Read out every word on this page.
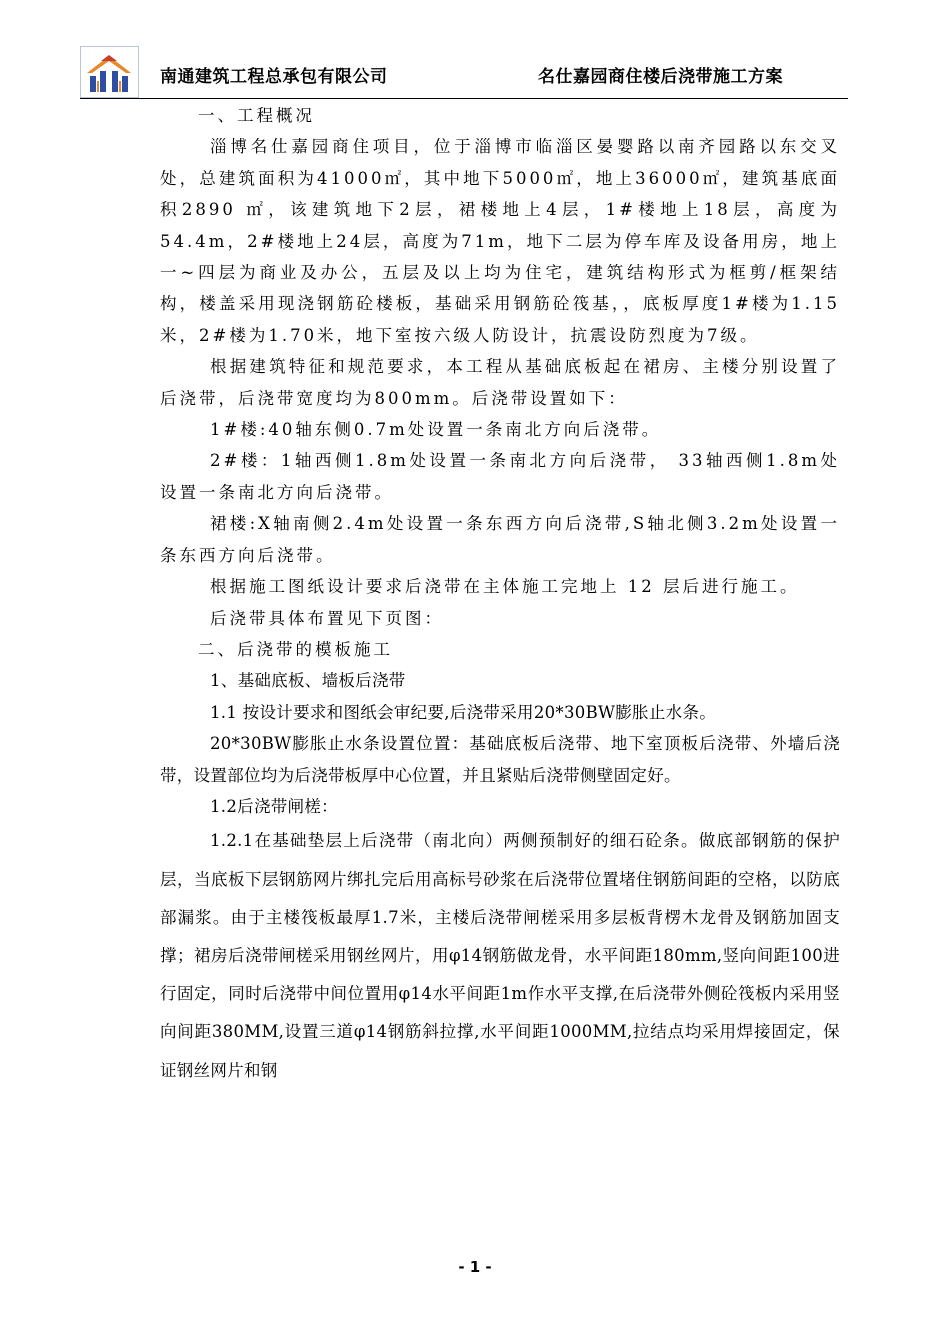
南通建筑工程总承包有限公司	名仕嘉园商住楼后浇带施工方案

一、工程概况

淄博名仕嘉园商住项目，位于淄博市临淄区晏婴路以南齐园路以东交叉处，总建筑面积为41000㎡，其中地下5000㎡，地上36000㎡，建筑基底面积2890 ㎡，该建筑地下2层，裙楼地上4层，1#楼地上18层，高度为54.4m，2#楼地上24层，高度为71m，地下二层为停车库及设备用房，地上一~四层为商业及办公，五层及以上均为住宅，建筑结构形式为框剪/框架结构，楼盖采用现浇钢筋砼楼板，基础采用钢筋砼筏基，，底板厚度1#楼为1.15米，2#楼为1.70米，地下室按六级人防设计，抗震设防烈度为7级。

根据建筑特征和规范要求，本工程从基础底板起在裙房、主楼分别设置了后浇带，后浇带宽度均为800mm。后浇带设置如下：

1#楼:40轴东侧0.7m处设置一条南北方向后浇带。

2#楼：1轴西侧1.8m处设置一条南北方向后浇带， 33轴西侧1.8m处设置一条南北方向后浇带。

裙楼:X轴南侧2.4m处设置一条东西方向后浇带,S轴北侧3.2m处设置一条东西方向后浇带。

根据施工图纸设计要求后浇带在主体施工完地上 12 层后进行施工。

后浇带具体布置见下页图：

二、后浇带的模板施工

1、基础底板、墙板后浇带

1.1 按设计要求和图纸会审纪要,后浇带采用20*30BW膨胀止水条。

20*30BW膨胀止水条设置位置：基础底板后浇带、地下室顶板后浇带、外墙后浇带，设置部位均为后浇带板厚中心位置，并且紧贴后浇带侧壁固定好。

1.2后浇带闸槎：

1.2.1在基础垫层上后浇带（南北向）两侧预制好的细石砼条。做底部钢筋的保护层，当底板下层钢筋网片绑扎完后用高标号砂浆在后浇带位置堵住钢筋间距的空格，以防底部漏浆。由于主楼筏板最厚1.7米，主楼后浇带闸槎采用多层板背楞木龙骨及钢筋加固支撑；裙房后浇带闸槎采用钢丝网片，用φ14钢筋做龙骨，水平间距180mm,竖向间距100进行固定，同时后浇带中间位置用φ14水平间距1m作水平支撑,在后浇带外侧砼筏板内采用竖向间距380MM,设置三道φ14钢筋斜拉撑,水平间距1000MM,拉结点均采用焊接固定，保证钢丝网片和钢

- 1 -
